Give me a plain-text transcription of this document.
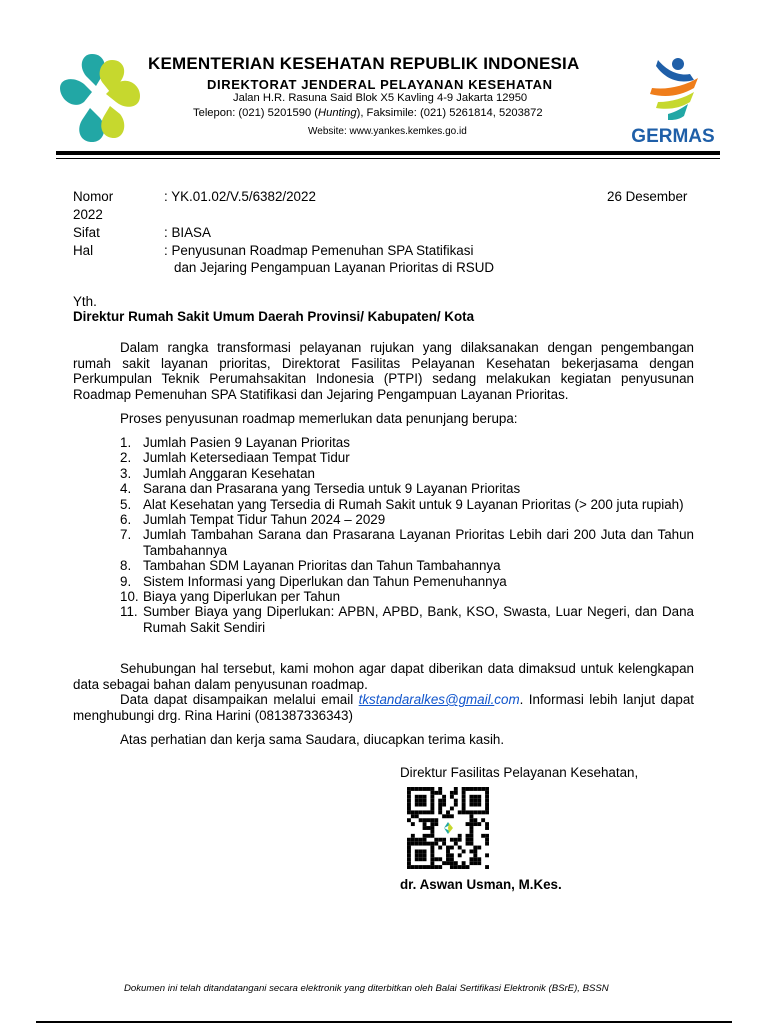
KEMENTERIAN KESEHATAN REPUBLIK INDONESIA
DIREKTORAT JENDERAL PELAYANAN KESEHATAN
Jalan H.R. Rasuna Said Blok X5 Kavling 4-9 Jakarta 12950
Telepon: (021) 5201590 (Hunting), Faksimile: (021) 5261814, 5203872
Website: www.yankes.kemkes.go.id	GERMAS
Nomor	: YK.01.02/V.5/6382/2022	26 Desember
2022
Sifat	: BIASA
Hal	: Penyusunan Roadmap Pemenuhan SPA Statifikasi
dan Jejaring Pengampuan Layanan Prioritas di RSUD
Yth.
Direktur Rumah Sakit Umum Daerah Provinsi/ Kabupaten/ Kota
Dalam rangka transformasi pelayanan rujukan yang dilaksanakan dengan pengembangan rumah sakit layanan prioritas, Direktorat Fasilitas Pelayanan Kesehatan bekerjasama dengan Perkumpulan Teknik Perumahsakitan Indonesia (PTPI) sedang melakukan kegiatan penyusunan Roadmap Pemenuhan SPA Statifikasi dan Jejaring Pengampuan Layanan Prioritas.
Proses penyusunan roadmap memerlukan data penunjang berupa:
1. Jumlah Pasien 9 Layanan Prioritas
2. Jumlah Ketersediaan Tempat Tidur
3. Jumlah Anggaran Kesehatan
4. Sarana dan Prasarana yang Tersedia untuk 9 Layanan Prioritas
5. Alat Kesehatan yang Tersedia di Rumah Sakit untuk 9 Layanan Prioritas (> 200 juta rupiah)
6. Jumlah Tempat Tidur Tahun 2024 – 2029
7. Jumlah Tambahan Sarana dan Prasarana Layanan Prioritas Lebih dari 200 Juta dan Tahun Tambahannya
8. Tambahan SDM Layanan Prioritas dan Tahun Tambahannya
9. Sistem Informasi yang Diperlukan dan Tahun Pemenuhannya
10. Biaya yang Diperlukan per Tahun
11. Sumber Biaya yang Diperlukan: APBN, APBD, Bank, KSO, Swasta, Luar Negeri, dan Dana Rumah Sakit Sendiri
Sehubungan hal tersebut, kami mohon agar dapat diberikan data dimaksud untuk kelengkapan data sebagai bahan dalam penyusunan roadmap.
Data dapat disampaikan melalui email tkstandaralkes@gmail.com. Informasi lebih lanjut dapat menghubungi drg. Rina Harini (081387336343)
Atas perhatian dan kerja sama Saudara, diucapkan terima kasih.
Direktur Fasilitas Pelayanan Kesehatan,
dr. Aswan Usman, M.Kes.
Dokumen ini telah ditandatangani secara elektronik yang diterbitkan oleh Balai Sertifikasi Elektronik (BSrE), BSSN
